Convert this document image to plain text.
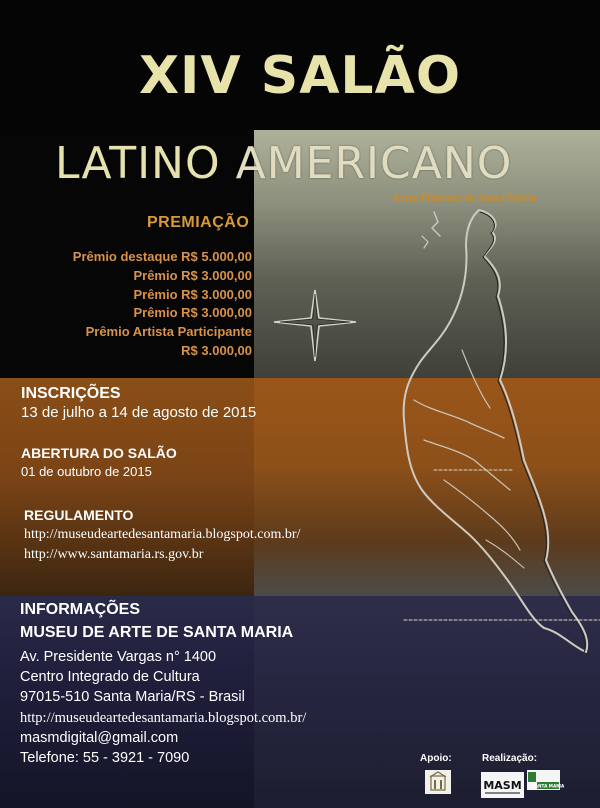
XIV SALÃO
LATINO AMERICANO
Artes Plásticas de Santa Maria
PREMIAÇÃO
Prêmio destaque R$ 5.000,00
Prêmio R$ 3.000,00
Prêmio R$ 3.000,00
Prêmio R$ 3.000,00
Prêmio Artista Participante
R$ 3.000,00
INSCRIÇÕES
13 de julho a 14 de agosto de 2015
ABERTURA DO SALÃO
01 de outubro de 2015
REGULAMENTO
http://museudeartedesantamaria.blogspot.com.br/
http://www.santamaria.rs.gov.br
INFORMAÇÕES
MUSEU DE ARTE DE SANTA MARIA
Av. Presidente Vargas n° 1400
Centro Integrado de Cultura
97015-510 Santa Maria/RS - Brasil
http://museudeartedesantamaria.blogspot.com.br/
masmdigital@gmail.com
Telefone: 55 - 3921 - 7090	Apoio:	Realização:
MASM SANTA MARIA
